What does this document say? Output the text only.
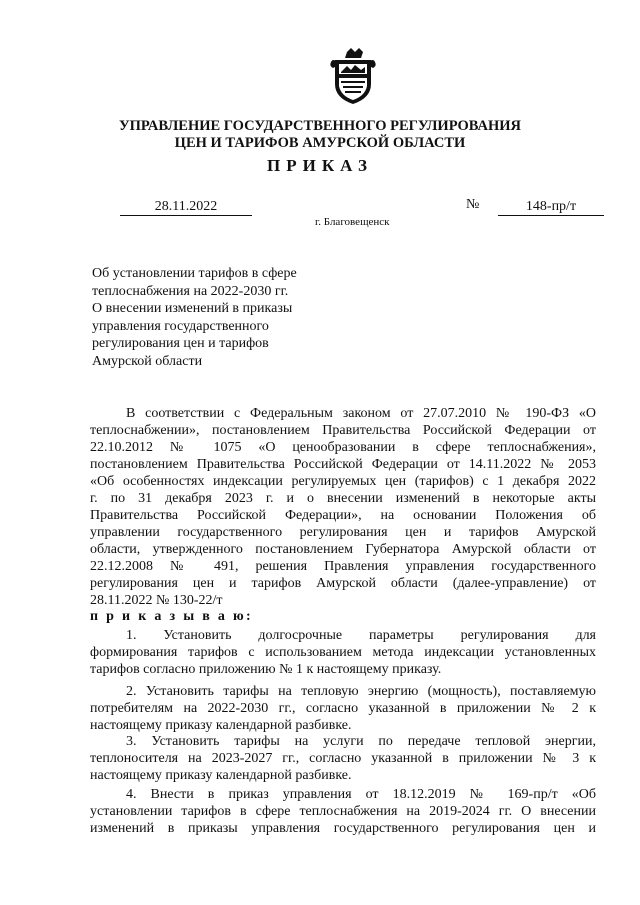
УПРАВЛЕНИЕ ГОСУДАРСТВЕННОГО РЕГУЛИРОВАНИЯ
ЦЕН И ТАРИФОВ АМУРСКОЙ ОБЛАСТИ
ПРИКАЗ
28.11.2022	№	148-пр/т
г. Благовещенск
Об установлении тарифов в сфере
теплоснабжения на 2022-2030 гг.
О внесении изменений в приказы
управления государственного
регулирования цен и тарифов
Амурской области
В соответствии с Федеральным законом от 27.07.2010 № 190-ФЗ «О
теплоснабжении», постановлением Правительства Российской Федерации от
22.10.2012 № 1075 «О ценообразовании в сфере теплоснабжения»,
постановлением Правительства Российской Федерации от 14.11.2022 № 2053
«Об особенностях индексации регулируемых цен (тарифов) с 1 декабря 2022
г. по 31 декабря 2023 г. и о внесении изменений в некоторые акты
Правительства Российской Федерации», на основании Положения об
управлении государственного регулирования цен и тарифов Амурской
области, утвержденного постановлением Губернатора Амурской области от
22.12.2008 № 491, решения Правления управления государственного
регулирования цен и тарифов Амурской области (далее-управление) от
28.11.2022 № 130-22/т
п р и к а з ы в а ю:
1. Установить долгосрочные параметры регулирования для
формирования тарифов с использованием метода индексации установленных
тарифов согласно приложению № 1 к настоящему приказу.
2. Установить тарифы на тепловую энергию (мощность), поставляемую
потребителям на 2022-2030 гг., согласно указанной в приложении № 2 к
настоящему приказу календарной разбивке.
3. Установить тарифы на услуги по передаче тепловой энергии,
теплоносителя на 2023-2027 гг., согласно указанной в приложении № 3 к
настоящему приказу календарной разбивке.
4. Внести в приказ управления от 18.12.2019 № 169-пр/т «Об
установлении тарифов в сфере теплоснабжения на 2019-2024 гг. О внесении
изменений в приказы управления государственного регулирования цен и
